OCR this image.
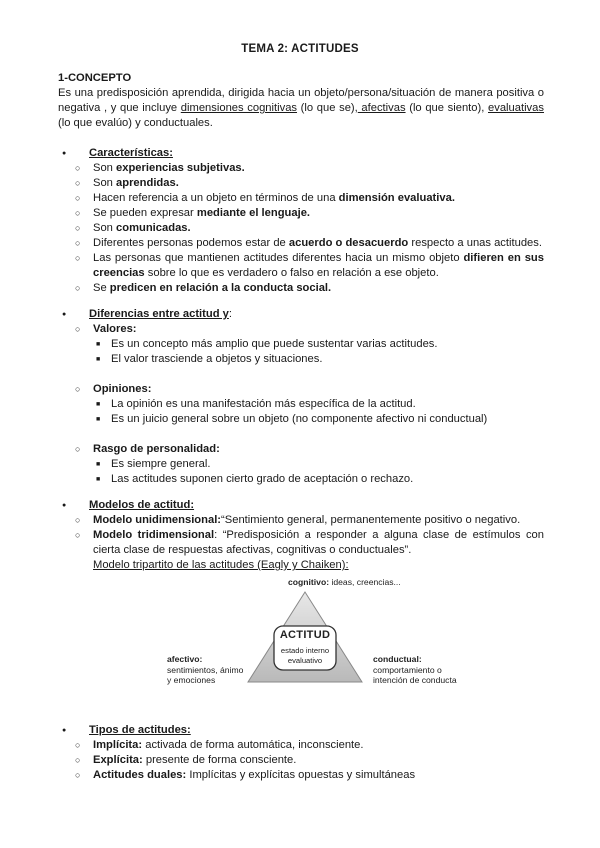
TEMA 2: ACTITUDES
1-CONCEPTO
Es una predisposición aprendida, dirigida hacia un objeto/persona/situación de manera positiva o negativa , y que incluye dimensiones cognitivas (lo que se), afectivas (lo que siento), evaluativas (lo que evalúo) y conductuales.
● Características:
○ Son experiencias subjetivas.
○ Son aprendidas.
○ Hacen referencia a un objeto en términos de una dimensión evaluativa.
○ Se pueden expresar mediante el lenguaje.
○ Son comunicadas.
○ Diferentes personas podemos estar de acuerdo o desacuerdo respecto a unas actitudes.
○ Las personas que mantienen actitudes diferentes hacia un mismo objeto difieren en sus creencias sobre lo que es verdadero o falso en relación a ese objeto.
○ Se predicen en relación a la conducta social.
● Diferencias entre actitud y:
○ Valores:
■ Es un concepto más amplio que puede sustentar varias actitudes.
■ El valor trasciende a objetos y situaciones.
○ Opiniones:
■ La opinión es una manifestación más específica de la actitud.
■ Es un juicio general sobre un objeto (no componente afectivo ni conductual)
○ Rasgo de personalidad:
■ Es siempre general.
■ Las actitudes suponen cierto grado de aceptación o rechazo.
● Modelos de actitud:
○ Modelo unidimensional:“Sentimiento general, permanentemente positivo o negativo.
○ Modelo tridimensional: “Predisposición a responder a alguna clase de estímulos con cierta clase de respuestas afectivas, cognitivas o conductuales”.
Modelo tripartito de las actitudes (Eagly y Chaiken):
ACTITUD
estado interno evaluativo
cognitivo: ideas, creencias...
afectivo:
sentimientos, ánimo
y emociones
conductual:
comportamiento o
intención de conducta
● Tipos de actitudes:
○ Implícita: activada de forma automática, inconsciente.
○ Explícita: presente de forma consciente.
○ Actitudes duales: Implícitas y explícitas opuestas y simultáneas
